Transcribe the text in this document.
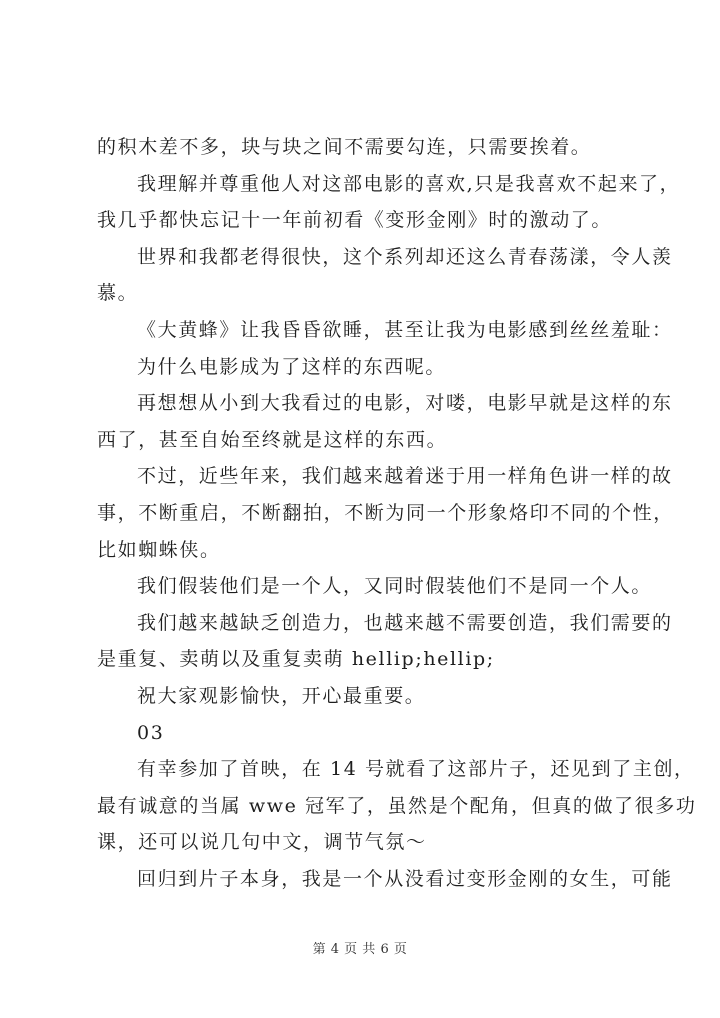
的积木差不多，块与块之间不需要勾连，只需要挨着。
我理解并尊重他人对这部电影的喜欢,只是我喜欢不起来了，
我几乎都快忘记十一年前初看《变形金刚》时的激动了。
世界和我都老得很快，这个系列却还这么青春荡漾，令人羡
慕。
《大黄蜂》让我昏昏欲睡，甚至让我为电影感到丝丝羞耻：
为什么电影成为了这样的东西呢。
再想想从小到大我看过的电影，对喽，电影早就是这样的东
西了，甚至自始至终就是这样的东西。
不过，近些年来，我们越来越着迷于用一样角色讲一样的故
事，不断重启，不断翻拍，不断为同一个形象烙印不同的个性，
比如蜘蛛侠。
我们假装他们是一个人，又同时假装他们不是同一个人。
我们越来越缺乏创造力，也越来越不需要创造，我们需要的
是重复、卖萌以及重复卖萌 hellip;hellip;
祝大家观影愉快，开心最重要。
03
有幸参加了首映，在 14 号就看了这部片子，还见到了主创，
最有诚意的当属 wwe 冠军了，虽然是个配角，但真的做了很多功
课，还可以说几句中文，调节气氛～
回归到片子本身，我是一个从没看过变形金刚的女生，可能
第 4 页 共 6 页
